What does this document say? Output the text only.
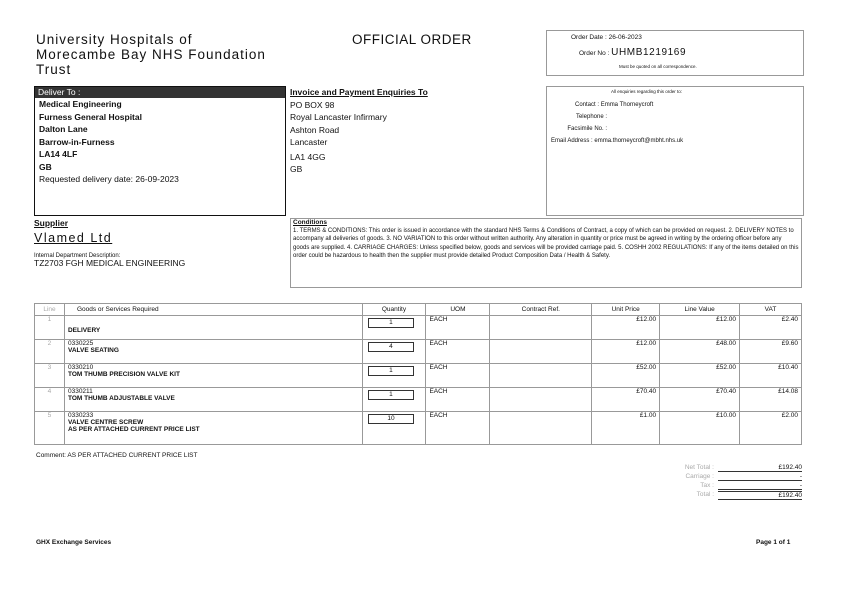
University Hospitals of
Morecambe Bay NHS Foundation
Trust
OFFICIAL ORDER	Order Date : 26-06-2023
Order No : UHMB1219169
Must be quoted on all correspondence.
Deliver To :
Medical Engineering
Furness General Hospital
Dalton Lane
Barrow-in-Furness
LA14 4LF
GB
Requested delivery date: 26-09-2023
Invoice and Payment Enquiries To
PO BOX 98
Royal Lancaster Infirmary
Ashton Road
Lancaster
LA1 4GG
GB
All enquiries regarding this order to:
Contact : Emma Thorneycroft
Telephone :
Facsimile No. :
Email Address : emma.thorneycroft@mbht.nhs.uk
Supplier
Vlamed Ltd
Internal Department Description:
TZ2703 FGH MEDICAL ENGINEERING
Conditions
1. TERMS & CONDITIONS: This order is issued in accordance with the standard NHS Terms & Conditions of Contract, a copy of which can be provided on request. 2. DELIVERY NOTES to accompany all deliveries of goods. 3. NO VARIATION to this order without written authority. Any alteration in quantity or price must be agreed in writing by the ordering officer before any goods are supplied. 4. CARRIAGE CHARGES: Unless specified below, goods and services will be provided carriage paid. 5. COSHH 2002 REGULATIONS: If any of the items detailed on this order could be hazardous to health then the supplier must provide detailed Product Composition Data / Health & Safety.
Line	Goods or Services Required	Quantity	UOM	Contract Ref.	Unit Price	Line Value	VAT
1	DELIVERY	1	EACH		£12.00	£12.00	£2.40
2	0330225
VALVE SEATING	4	EACH		£12.00	£48.00	£9.60
3	0330210
TOM THUMB PRECISION VALVE KIT	1	EACH		£52.00	£52.00	£10.40
4	0330211
TOM THUMB ADJUSTABLE VALVE	1	EACH		£70.40	£70.40	£14.08
5	0330233
VALVE CENTRE SCREW
AS PER ATTACHED CURRENT PRICE LIST	10	EACH		£1.00	£10.00	£2.00
Comment: AS PER ATTACHED CURRENT PRICE LIST
Net Total :	£192.40
Carriage :	-
Tax :	-
Total :	£192.40
GHX Exchange Services	Page 1 of 1
